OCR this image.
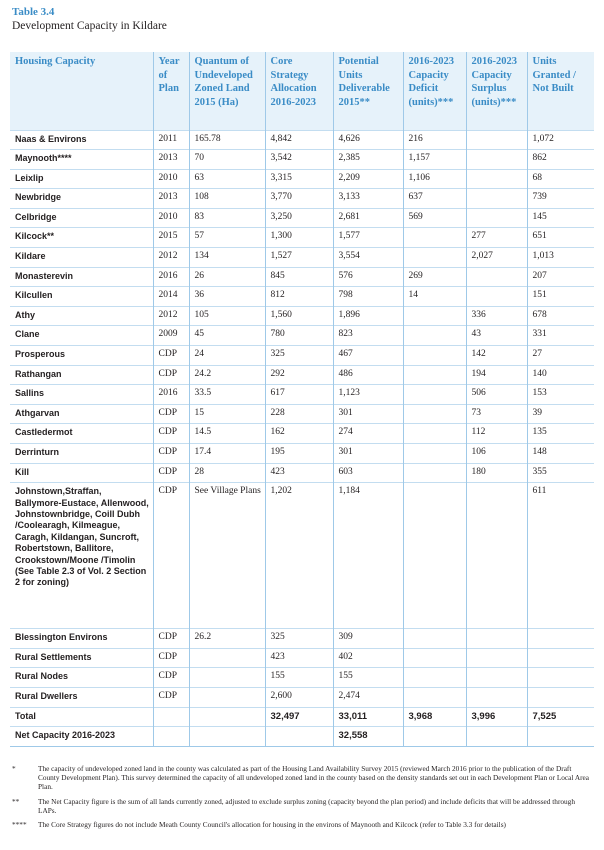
Table 3.4
Development Capacity in Kildare
Housing Capacity	Year of Plan	Quantum of Undeveloped Zoned Land 2015 (Ha)	Core Strategy Allocation 2016-2023	Potential Units Deliverable 2015**	2016-2023 Capacity Deficit (units)***	2016-2023 Capacity Surplus (units)***	Units Granted / Not Built
Naas & Environs	2011	165.78	4,842	4,626	216		1,072
Maynooth****	2013	70	3,542	2,385	1,157		862
Leixlip	2010	63	3,315	2,209	1,106		68
Newbridge	2013	108	3,770	3,133	637		739
Celbridge	2010	83	3,250	2,681	569		145
Kilcock**	2015	57	1,300	1,577		277	651
Kildare	2012	134	1,527	3,554		2,027	1,013
Monasterevin	2016	26	845	576	269		207
Kilcullen	2014	36	812	798	14		151
Athy	2012	105	1,560	1,896		336	678
Clane	2009	45	780	823		43	331
Prosperous	CDP	24	325	467		142	27
Rathangan	CDP	24.2	292	486		194	140
Sallins	2016	33.5	617	1,123		506	153
Athgarvan	CDP	15	228	301		73	39
Castledermot	CDP	14.5	162	274		112	135
Derrinturn	CDP	17.4	195	301		106	148
Kill	CDP	28	423	603		180	355
Johnstown,Straffan, Ballymore-Eustace, Allenwood, Johnstownbridge, Coill Dubh /Coolearagh, Kilmeague, Caragh, Kildangan, Suncroft, Robertstown, Ballitore, Crookstown/Moone /Timolin (See Table 2.3 of Vol. 2 Section 2 for zoning)	CDP	See Village Plans	1,202	1,184			611
Blessington Environs	CDP	26.2	325	309			
Rural Settlements	CDP		423	402			
Rural Nodes	CDP		155	155			
Rural Dwellers	CDP		2,600	2,474			
Total			32,497	33,011	3,968	3,996	7,525
Net Capacity 2016-2023				32,558			
*	The capacity of undeveloped zoned land in the county was calculated as part of the Housing Land Availability Survey 2015 (reviewed March 2016 prior to the publication of the Draft County Development Plan). This survey determined the capacity of all undeveloped zoned land in the county based on the density standards set out in each Development Plan or Local Area Plan.
**	The Net Capacity figure is the sum of all lands currently zoned, adjusted to exclude surplus zoning (capacity beyond the plan period) and include deficits that will be addressed through LAPs.
****	The Core Strategy figures do not include Meath County Council's allocation for housing in the environs of Maynooth and Kilcock (refer to Table 3.3 for details)
